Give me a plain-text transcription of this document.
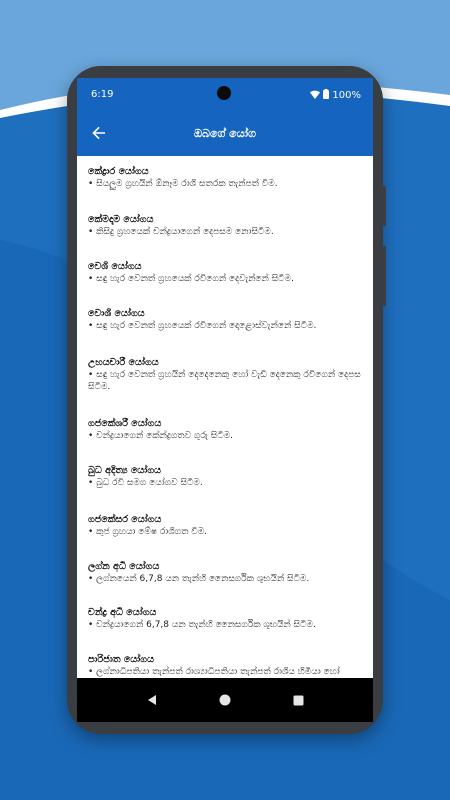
6:19	100%
ඔබගේ යෝග

කේද්‍රාර යෝගය

• සියලුම ග්‍රහයින් ඕනෑම රාශි සතරක තැන්පත් වීම.

කේමද්‍රුම යෝගය

• කිසිදු ග්‍රහයෙක් චන්ද්‍රයාගෙන් දෙපසම නොසිටීම.

වෙශි යෝගය

• සඳු හැර වෙනත් ග්‍රහයෙක් රවිගෙන් දෙවැන්නේ සිටීම.

වොශි යෝගය

• සඳු හැර වෙනත් ග්‍රහයෙක් රවිගෙන් දොළොස්වැන්නේ සිටීම.

උභයචාරී යෝගය

• සඳු හැර වෙනත් ග්‍රහයින් දෙදෙනෙකු හෝ වැඩි දෙනෙකු රවිගෙන් දෙපස සිටීම.

ගජකේශරී යෝගය

• චන්ද්‍රයාගෙන් කේන්ද්‍රගතව ගුරු සිටීම.

බුධ අදිත්‍ය යෝගය

• බුධ රවි සමග යෝගව සිටීම.

ගජකේසර යෝගය

• කුජ ග්‍රහයා මේෂ රාශිගත වීම.

ලග්න අධි යෝගය

• ලග්නයෙන් 6,7,8 යන තැන්හි නෛසර්ගික ශුභයින් සිටීම.

චන්ද්‍ර අධි යෝගය

• චන්ද්‍රයාගෙන් 6,7,8 යන තැන්හි නෛසර්ගික ශුභයින් සිටීම.

පාරිජාත යෝගය

• ලග්නාධිපතියා තැන්පත් රාශ්‍යාධිපතියා තැන්පත් රාශිය හිමියා හෝ
